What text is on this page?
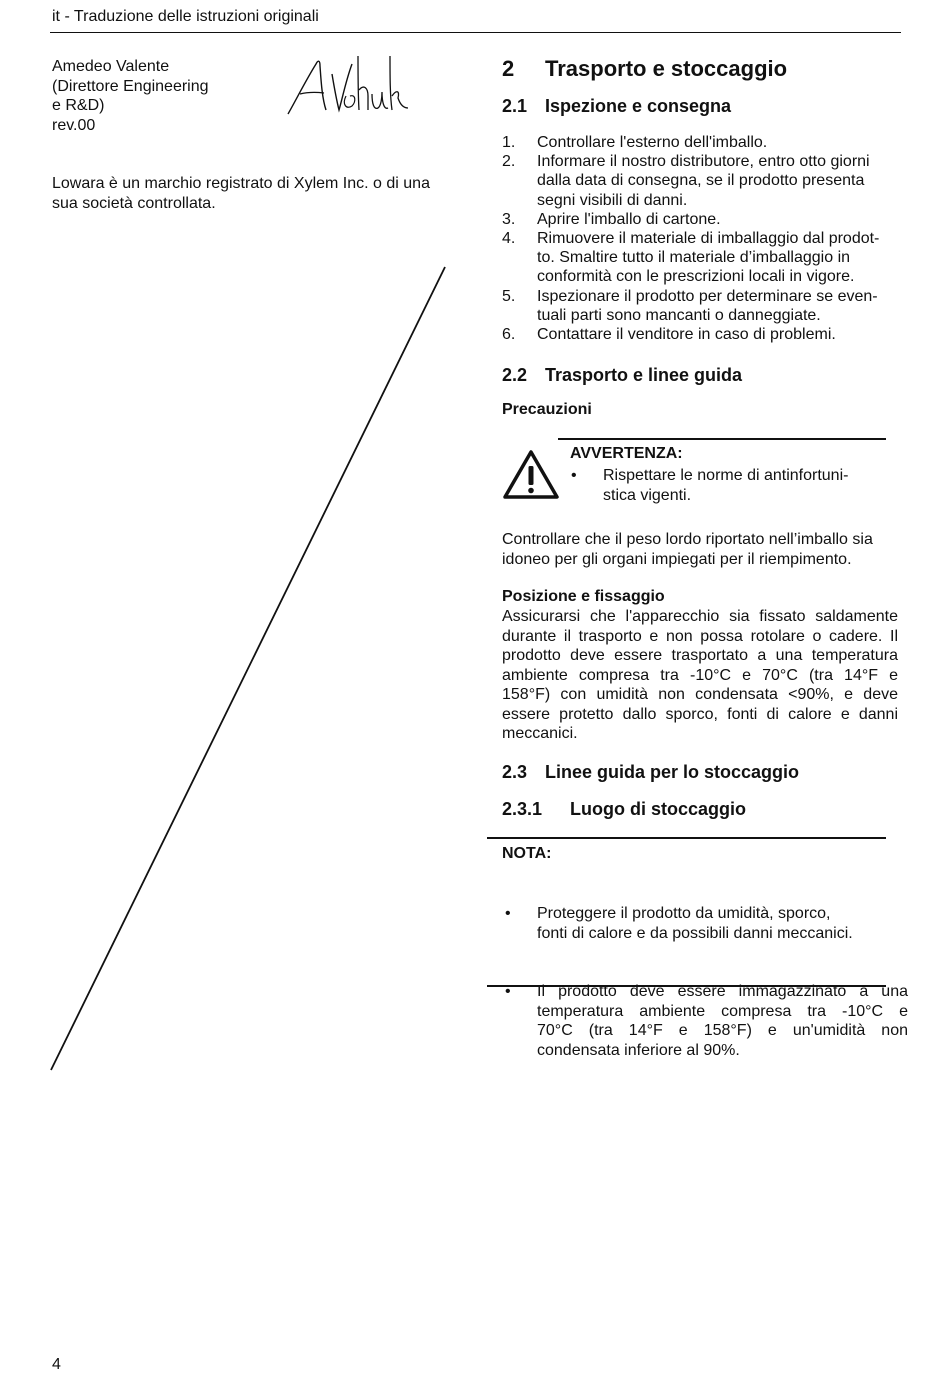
it - Traduzione delle istruzioni originali
Amedeo Valente
(Direttore Engineering
e R&D)
rev.00
Lowara è un marchio registrato di Xylem Inc. o di una
sua società controllata.
2 Trasporto e stoccaggio
2.1 Ispezione e consegna
1. Controllare l'esterno dell'imballo.
2. Informare il nostro distributore, entro otto giorni
dalla data di consegna, se il prodotto presenta
segni visibili di danni.
3. Aprire l'imballo di cartone.
4. Rimuovere il materiale di imballaggio dal prodot-
to. Smaltire tutto il materiale d’imballaggio in
conformità con le prescrizioni locali in vigore.
5. Ispezionare il prodotto per determinare se even-
tuali parti sono mancanti o danneggiate.
6. Contattare il venditore in caso di problemi.
2.2 Trasporto e linee guida
Precauzioni
AVVERTENZA:
• Rispettare le norme di antinfortuni-
stica vigenti.
Controllare che il peso lordo riportato nell’imballo sia
idoneo per gli organi impiegati per il riempimento.
Posizione e fissaggio
Assicurarsi che l'apparecchio sia fissato saldamente
durante il trasporto e non possa rotolare o cadere. Il
prodotto deve essere trasportato a una temperatura
ambiente compresa tra -10°C e 70°C (tra 14°F e
158°F) con umidità non condensata <90%, e deve
essere protetto dallo sporco, fonti di calore e danni
meccanici.
2.3 Linee guida per lo stoccaggio
2.3.1 Luogo di stoccaggio
NOTA:
• Proteggere il prodotto da umidità, sporco,
fonti di calore e da possibili danni meccanici.
• Il prodotto deve essere immagazzinato a una
temperatura ambiente compresa tra -10°C e
70°C (tra 14°F e 158°F) e un'umidità non
condensata inferiore al 90%.
4
